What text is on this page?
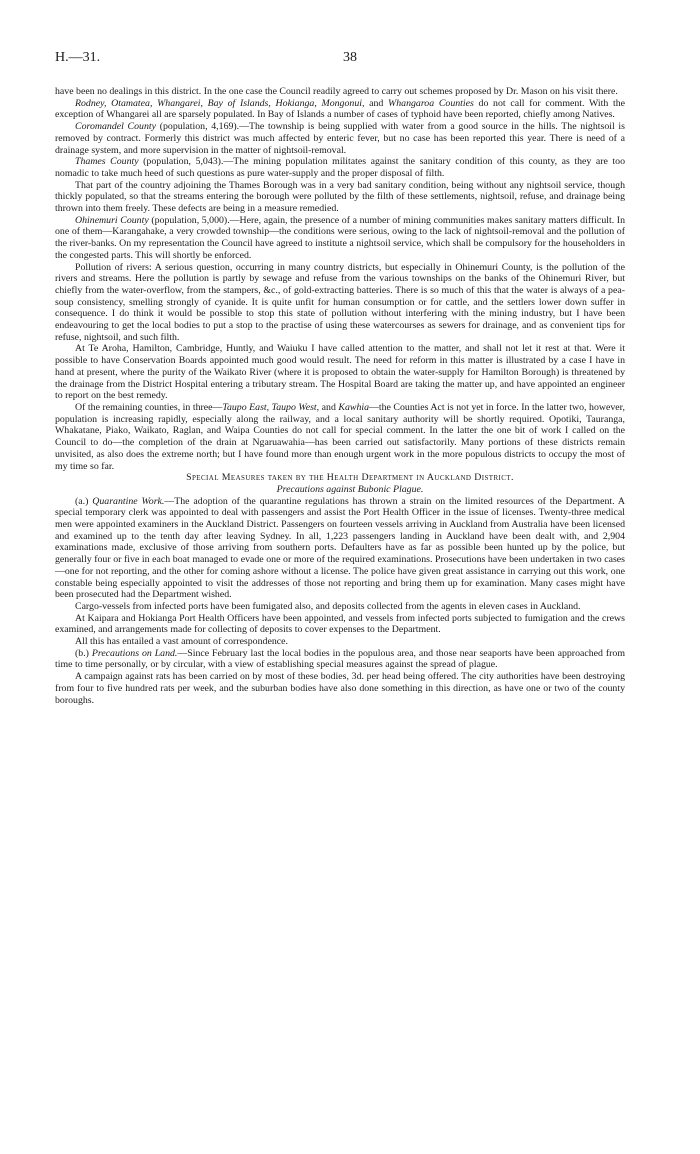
H.—31.	38

have been no dealings in this district. In the one case the Council readily agreed to carry out schemes proposed by Dr. Mason on his visit there.

Rodney, Otamatea, Whangarei, Bay of Islands, Hokianga, Mongonui, and Whangaroa Counties do not call for comment. With the exception of Whangarei all are sparsely populated. In Bay of Islands a number of cases of typhoid have been reported, chiefly among Natives.

Coromandel County (population, 4,169).—The township is being supplied with water from a good source in the hills. The nightsoil is removed by contract. Formerly this district was much affected by enteric fever, but no case has been reported this year. There is need of a drainage system, and more supervision in the matter of nightsoil-removal.

Thames County (population, 5,043).—The mining population militates against the sanitary condition of this county, as they are too nomadic to take much heed of such questions as pure water-supply and the proper disposal of filth.

That part of the country adjoining the Thames Borough was in a very bad sanitary condition, being without any nightsoil service, though thickly populated, so that the streams entering the borough were polluted by the filth of these settlements, nightsoil, refuse, and drainage being thrown into them freely. These defects are being in a measure remedied.

Ohinemuri County (population, 5,000).—Here, again, the presence of a number of mining communities makes sanitary matters difficult. In one of them—Karangahake, a very crowded township—the conditions were serious, owing to the lack of nightsoil-removal and the pollution of the river-banks. On my representation the Council have agreed to institute a nightsoil service, which shall be compulsory for the householders in the congested parts. This will shortly be enforced.

Pollution of rivers: A serious question, occurring in many country districts, but especially in Ohinemuri County, is the pollution of the rivers and streams. Here the pollution is partly by sewage and refuse from the various townships on the banks of the Ohinemuri River, but chiefly from the water-overflow, from the stampers, &c., of gold-extracting batteries. There is so much of this that the water is always of a pea-soup consistency, smelling strongly of cyanide. It is quite unfit for human consumption or for cattle, and the settlers lower down suffer in consequence. I do think it would be possible to stop this state of pollution without interfering with the mining industry, but I have been endeavouring to get the local bodies to put a stop to the practise of using these watercourses as sewers for drainage, and as convenient tips for refuse, nightsoil, and such filth.

At Te Aroha, Hamilton, Cambridge, Huntly, and Waiuku I have called attention to the matter, and shall not let it rest at that. Were it possible to have Conservation Boards appointed much good would result. The need for reform in this matter is illustrated by a case I have in hand at present, where the purity of the Waikato River (where it is proposed to obtain the water-supply for Hamilton Borough) is threatened by the drainage from the District Hospital entering a tributary stream. The Hospital Board are taking the matter up, and have appointed an engineer to report on the best remedy.

Of the remaining counties, in three—Taupo East, Taupo West, and Kawhia—the Counties Act is not yet in force. In the latter two, however, population is increasing rapidly, especially along the railway, and a local sanitary authority will be shortly required. Opotiki, Tauranga, Whakatane, Piako, Waikato, Raglan, and Waipa Counties do not call for special comment. In the latter the one bit of work I called on the Council to do—the completion of the drain at Ngaruawahia—has been carried out satisfactorily. Many portions of these districts remain unvisited, as also does the extreme north; but I have found more than enough urgent work in the more populous districts to occupy the most of my time so far.

Special Measures taken by the Health Department in Auckland District.

Precautions against Bubonic Plague.

(a.) Quarantine Work.—The adoption of the quarantine regulations has thrown a strain on the limited resources of the Department. A special temporary clerk was appointed to deal with passengers and assist the Port Health Officer in the issue of licenses. Twenty-three medical men were appointed examiners in the Auckland District. Passengers on fourteen vessels arriving in Auckland from Australia have been licensed and examined up to the tenth day after leaving Sydney. In all, 1,223 passengers landing in Auckland have been dealt with, and 2,904 examinations made, exclusive of those arriving from southern ports. Defaulters have as far as possible been hunted up by the police, but generally four or five in each boat managed to evade one or more of the required examinations. Prosecutions have been undertaken in two cases—one for not reporting, and the other for coming ashore without a license. The police have given great assistance in carrying out this work, one constable being especially appointed to visit the addresses of those not reporting and bring them up for examination. Many cases might have been prosecuted had the Department wished.

Cargo-vessels from infected ports have been fumigated also, and deposits collected from the agents in eleven cases in Auckland.

At Kaipara and Hokianga Port Health Officers have been appointed, and vessels from infected ports subjected to fumigation and the crews examined, and arrangements made for collecting of deposits to cover expenses to the Department.

All this has entailed a vast amount of correspondence.

(b.) Precautions on Land.—Since February last the local bodies in the populous area, and those near seaports have been approached from time to time personally, or by circular, with a view of establishing special measures against the spread of plague.

A campaign against rats has been carried on by most of these bodies, 3d. per head being offered. The city authorities have been destroying from four to five hundred rats per week, and the suburban bodies have also done something in this direction, as have one or two of the county boroughs.
